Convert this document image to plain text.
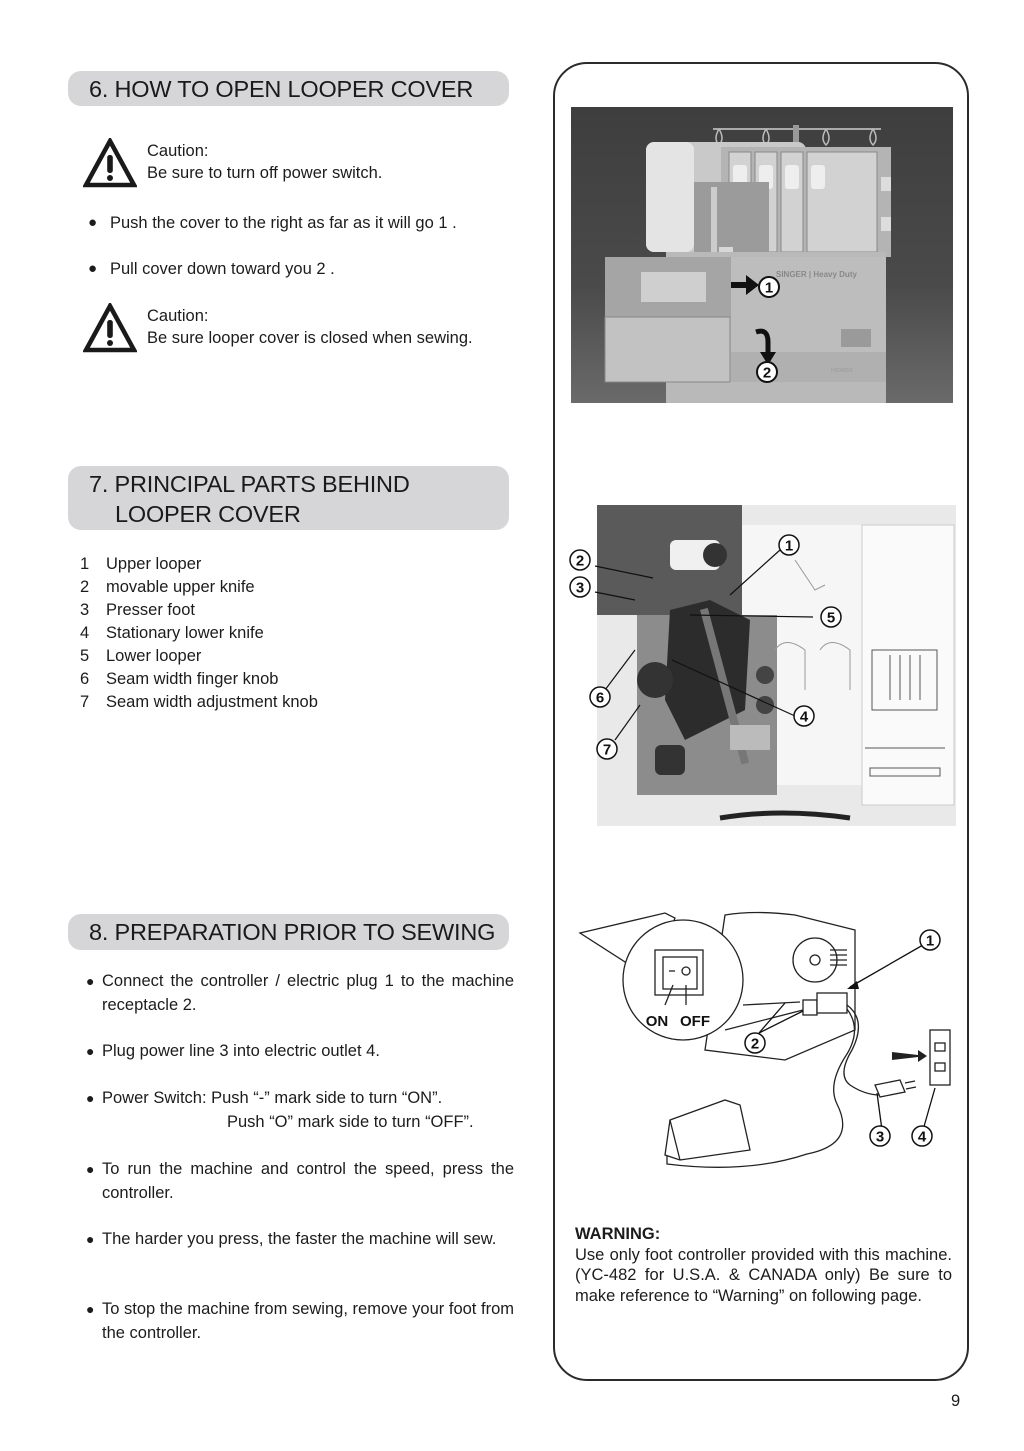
6. HOW TO OPEN LOOPER COVER
Caution:
Be sure to turn off power switch.
● Push the cover to the right as far as it will go 1 .
● Pull cover down toward you 2 .
Caution:
Be sure looper cover is closed when sewing.
7. PRINCIPAL PARTS BEHIND
LOOPER COVER
1 Upper looper
2 movable upper knife
3 Presser foot
4 Stationary lower knife
5 Lower looper
6 Seam width finger knob
7 Seam width adjustment knob
8. PREPARATION PRIOR TO SEWING
● Connect the controller / electric plug 1 to the machine receptacle 2.
● Plug power line 3 into electric outlet 4.
● Power Switch: Push “-” mark side to turn “ON”.
Push “O” mark side to turn “OFF”.
● To run the machine and control the speed, press the controller.
● The harder you press, the faster the machine will sew.
● To stop the machine from sewing, remove your foot from the controller.
SINGER | Heavy Duty
HD0405S
1
2
1
2
3
4
5
6
7
1
2
3 4
ON OFF
WARNING:
Use only foot controller provided with this machine.(YC-482 for U.S.A. & CANADA only) Be sure to make reference to “Warning” on following page.
9
